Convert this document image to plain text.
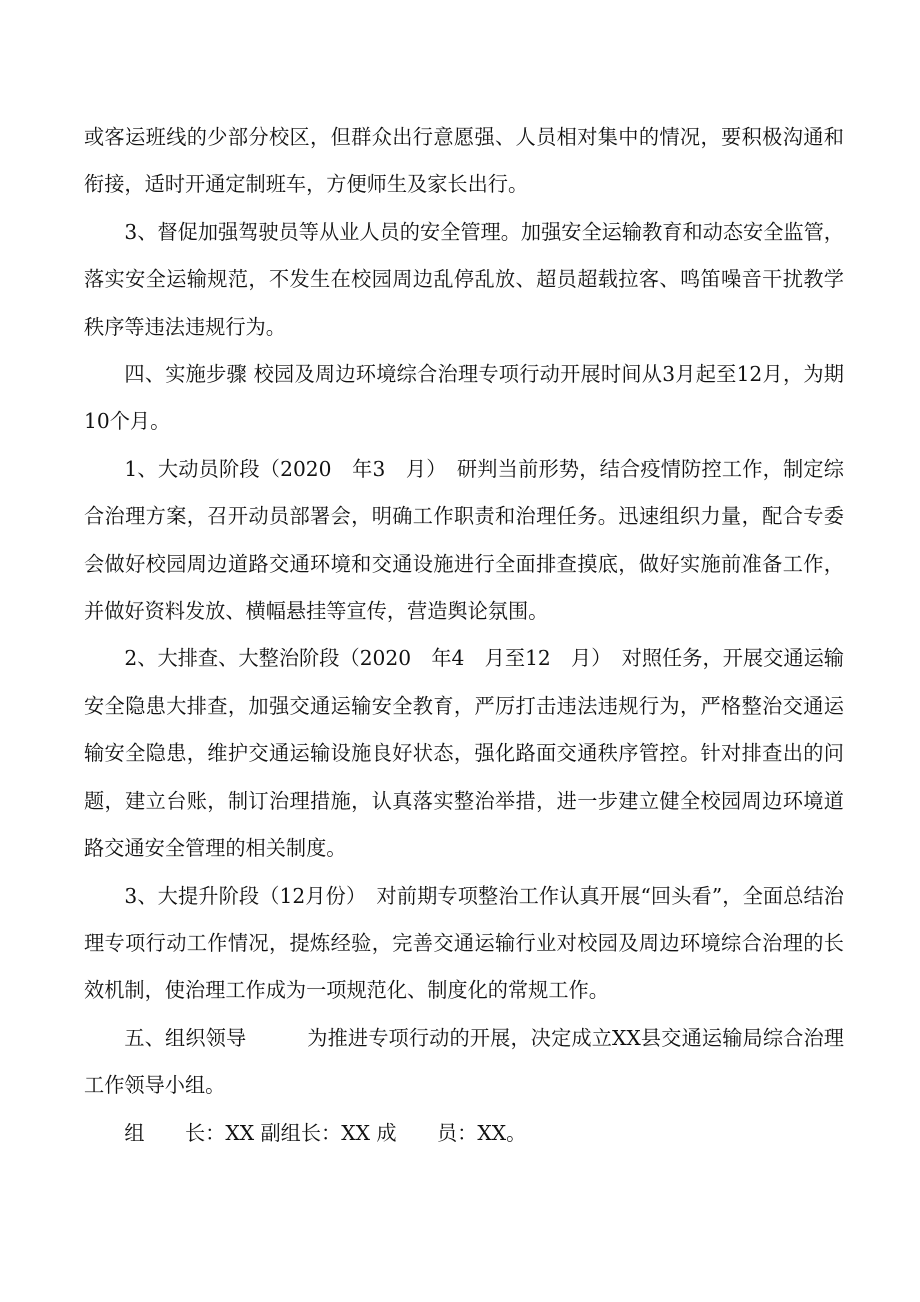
或客运班线的少部分校区，但群众出行意愿强、人员相对集中的情况，要积极沟通和衔接，适时开通定制班车，方便师生及家长出行。

3、督促加强驾驶员等从业人员的安全管理。加强安全运输教育和动态安全监管，落实安全运输规范，不发生在校园周边乱停乱放、超员超载拉客、鸣笛噪音干扰教学秩序等违法违规行为。

四、实施步骤 校园及周边环境综合治理专项行动开展时间从3月起至12月，为期10个月。

1、大动员阶段（2020　年3　月）　研判当前形势，结合疫情防控工作，制定综合治理方案，召开动员部署会，明确工作职责和治理任务。迅速组织力量，配合专委会做好校园周边道路交通环境和交通设施进行全面排查摸底，做好实施前准备工作，并做好资料发放、横幅悬挂等宣传，营造舆论氛围。

2、大排查、大整治阶段（2020　年4　月至12　月）　对照任务，开展交通运输安全隐患大排查，加强交通运输安全教育，严厉打击违法违规行为，严格整治交通运输安全隐患，维护交通运输设施良好状态，强化路面交通秩序管控。针对排查出的问题，建立台账，制订治理措施，认真落实整治举措，进一步建立健全校园周边环境道路交通安全管理的相关制度。

3、大提升阶段（12月份）　对前期专项整治工作认真开展“回头看”，全面总结治理专项行动工作情况，提炼经验，完善交通运输行业对校园及周边环境综合治理的长效机制，使治理工作成为一项规范化、制度化的常规工作。

五、组织领导　　　为推进专项行动的开展，决定成立XX县交通运输局综合治理工作领导小组。

组　　长：XX 副组长：XX 成　　员：XX。
